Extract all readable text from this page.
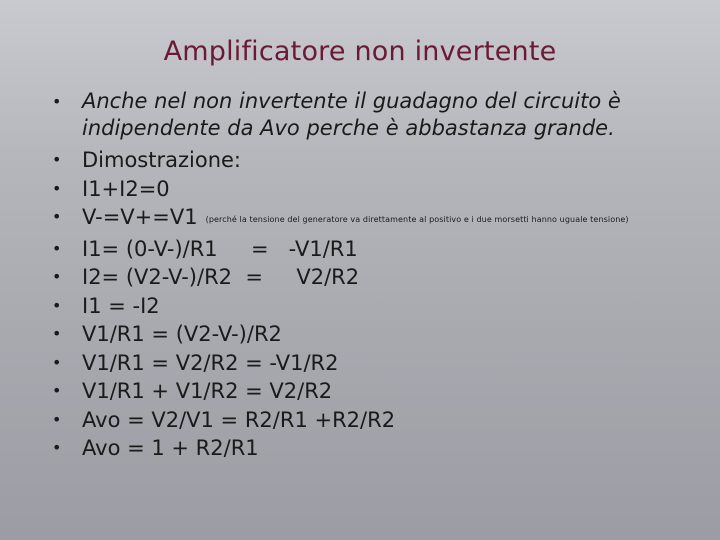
Amplificatore non invertente
• Anche nel non invertente il guadagno del circuito è indipendente da Avo perche è abbastanza grande.
• Dimostrazione:
• I1+I2=0
• V-=V+=V1 (perché la tensione del generatore va direttamente al positivo e i due morsetti hanno uguale tensione)
• I1= (0-V-)/R1     =   -V1/R1
• I2= (V2-V-)/R2  =     V2/R2
• I1 = -I2
• V1/R1 = (V2-V-)/R2
• V1/R1 = V2/R2 = -V1/R2
• V1/R1 + V1/R2 = V2/R2
• Avo = V2/V1 = R2/R1 +R2/R2
• Avo = 1 + R2/R1
